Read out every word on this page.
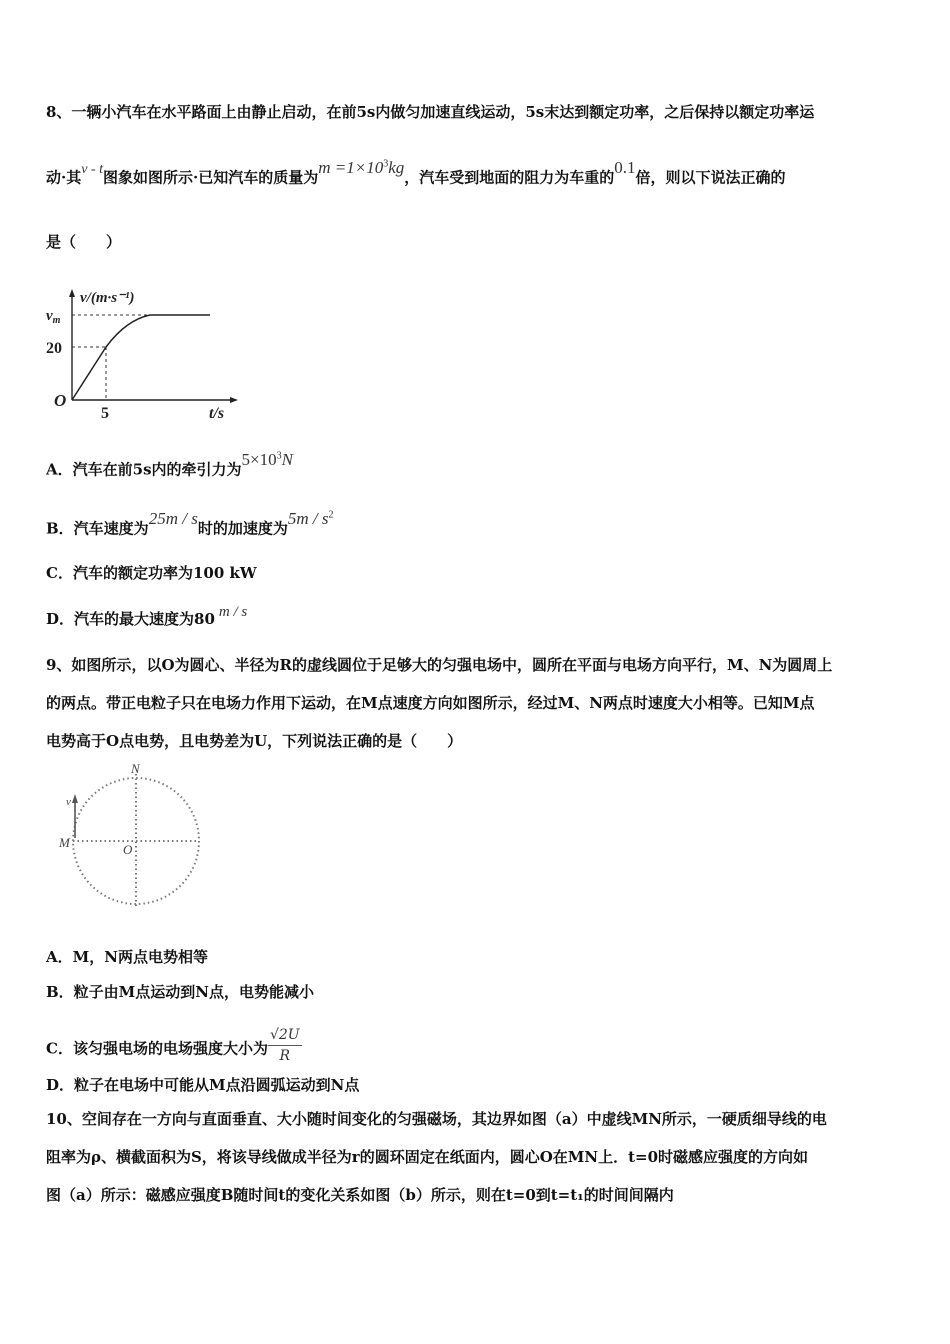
8、一辆小汽车在水平路面上由静止启动，在前5s内做匀加速直线运动，5s末达到额定功率，之后保持以额定功率运
动·其v - t图象如图所示·已知汽车的质量为$m =1\times 10^3kg$，汽车受到地面的阻力为车重的0.1倍，则以下说法正确的
是（　　）
v/(m·s⁻¹)
$v_m$
20
O
5	t/s
A．汽车在前5s内的牵引力为$5\times 10^3N$
B．汽车速度为25m / s时的加速度为$5m / s^2$
C．汽车的额定功率为100 kW
D．汽车的最大速度为80 m / s
9、如图所示，以O为圆心、半径为R的虚线圆位于足够大的匀强电场中，圆所在平面与电场方向平行，M、N为圆周上
的两点。带正电粒子只在电场力作用下运动，在M点速度方向如图所示，经过M、N两点时速度大小相等。已知M点
电势高于O点电势，且电势差为U，下列说法正确的是（　　）
v
M
N
O
A．M，N两点电势相等
B．粒子由M点运动到N点，电势能减小
C．该匀强电场的电场强度大小为 $\frac{√2U}{R}$
D．粒子在电场中可能从M点沿圆弧运动到N点
10、空间存在一方向与直面垂直、大小随时间变化的匀强磁场，其边界如图（a）中虚线MN所示，一硬质细导线的电
阻率为ρ、横截面积为S，将该导线做成半径为r的圆环固定在纸面内，圆心O在MN上．t=0时磁感应强度的方向如
图（a）所示：磁感应强度B随时间t的变化关系如图（b）所示，则在t=0到t=t₁的时间间隔内
